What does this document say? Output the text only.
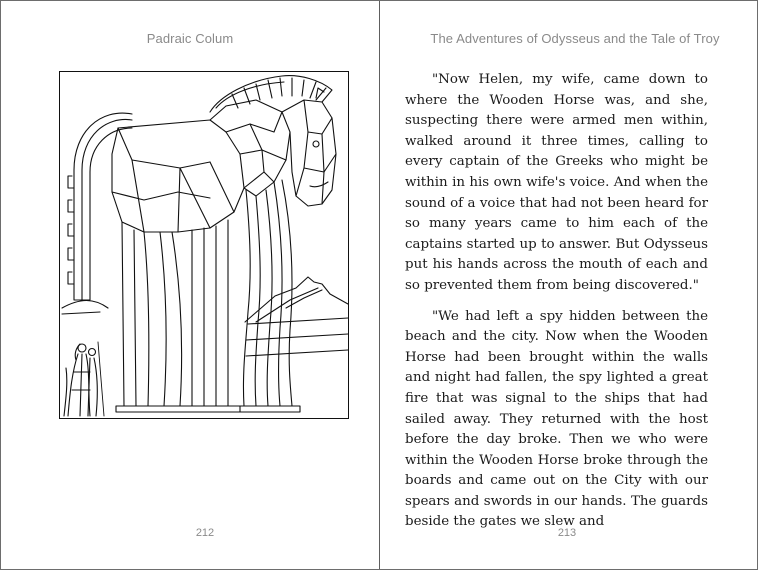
Padraic Colum
212
The Adventures of Odysseus and the Tale of Troy

"Now Helen, my wife, came down to where the Wooden Horse was, and she, suspecting there were armed men within, walked around it three times, calling to every captain of the Greeks who might be within in his own wife's voice. And when the sound of a voice that had not been heard for so many years came to him each of the captains started up to answer. But Odysseus put his hands across the mouth of each and so prevented them from being discovered."

"We had left a spy hidden between the beach and the city. Now when the Wooden Horse had been brought within the walls and night had fallen, the spy lighted a great fire that was signal to the ships that had sailed away. They returned with the host before the day broke. Then we who were within the Wooden Horse broke through the boards and came out on the City with our spears and swords in our hands. The guards beside the gates we slew and

213
